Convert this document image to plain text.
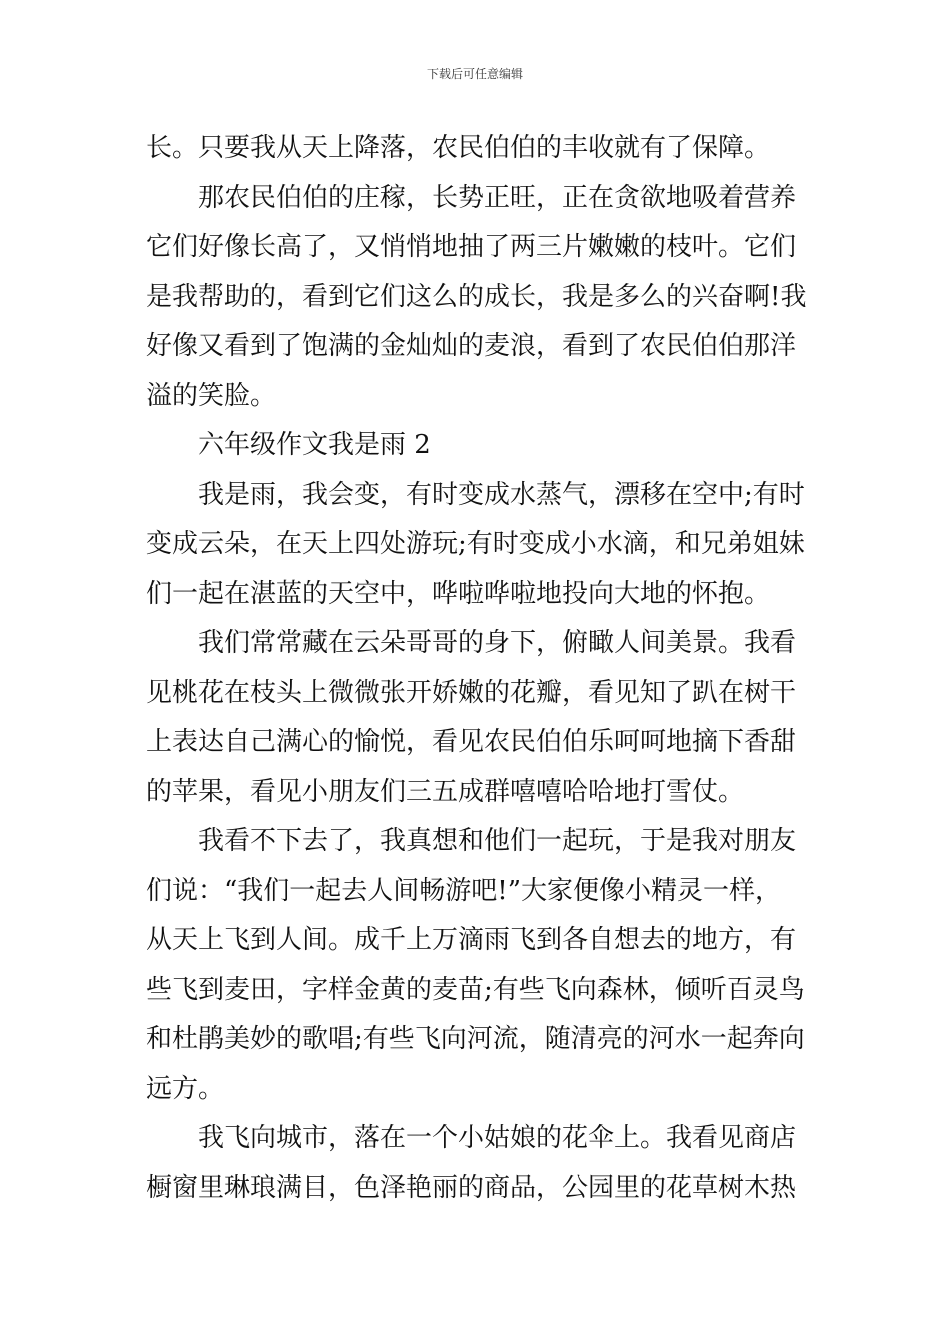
下载后可任意编辑
长。只要我从天上降落，农民伯伯的丰收就有了保障。
那农民伯伯的庄稼，长势正旺，正在贪欲地吸着营养
它们好像长高了，又悄悄地抽了两三片嫩嫩的枝叶。它们
是我帮助的，看到它们这么的成长，我是多么的兴奋啊!我
好像又看到了饱满的金灿灿的麦浪，看到了农民伯伯那洋
溢的笑脸。
六年级作文我是雨 2
我是雨，我会变，有时变成水蒸气，漂移在空中;有时
变成云朵，在天上四处游玩;有时变成小水滴，和兄弟姐妹
们一起在湛蓝的天空中，哗啦哗啦地投向大地的怀抱。
我们常常藏在云朵哥哥的身下，俯瞰人间美景。我看
见桃花在枝头上微微张开娇嫩的花瓣，看见知了趴在树干
上表达自己满心的愉悦，看见农民伯伯乐呵呵地摘下香甜
的苹果，看见小朋友们三五成群嘻嘻哈哈地打雪仗。
我看不下去了，我真想和他们一起玩，于是我对朋友
们说：“我们一起去人间畅游吧!”大家便像小精灵一样，
从天上飞到人间。成千上万滴雨飞到各自想去的地方，有
些飞到麦田，字样金黄的麦苗;有些飞向森林，倾听百灵鸟
和杜鹃美妙的歌唱;有些飞向河流，随清亮的河水一起奔向
远方。
我飞向城市，落在一个小姑娘的花伞上。我看见商店
橱窗里琳琅满目，色泽艳丽的商品，公园里的花草树木热
